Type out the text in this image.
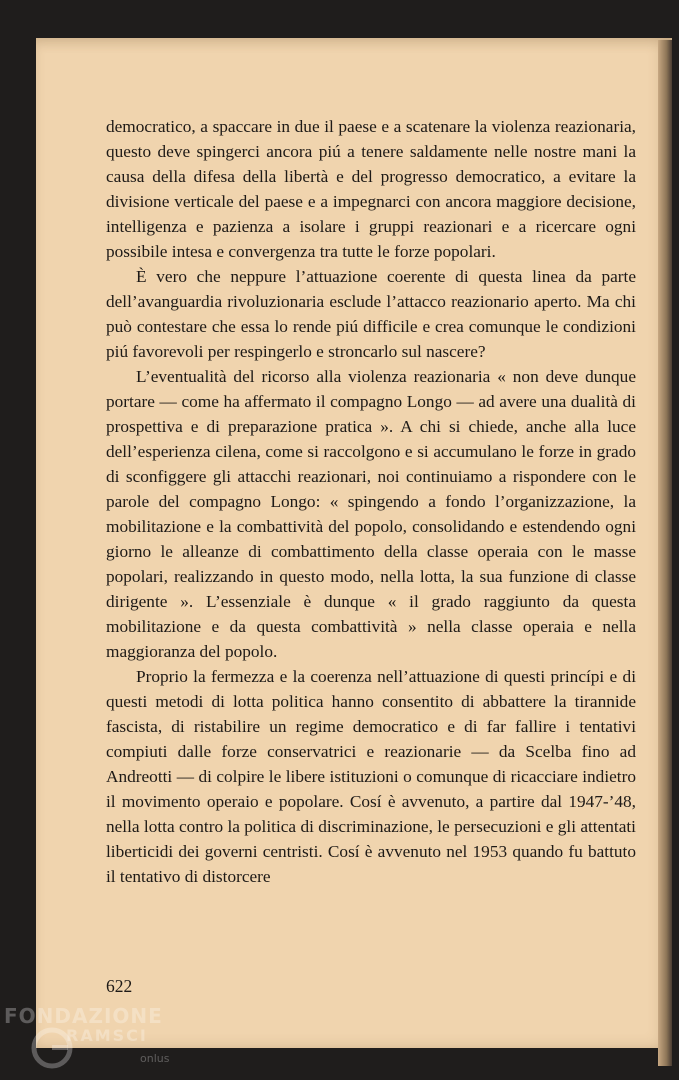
democratico, a spaccare in due il paese e a scatenare la violenza reazionaria, questo deve spingerci ancora piú a tenere saldamente nelle nostre mani la causa della difesa della libertà e del progresso democratico, a evitare la divisione verticale del paese e a impegnarci con ancora maggiore decisione, intelligenza e pazienza a isolare i gruppi reazionari e a ricercare ogni possibile intesa e convergenza tra tutte le forze popolari.

È vero che neppure l’attuazione coerente di questa linea da parte dell’avanguardia rivoluzionaria esclude l’attacco reazionario aperto. Ma chi può contestare che essa lo rende piú difficile e crea comunque le condizioni piú favorevoli per respingerlo e stroncarlo sul nascere?

L’eventualità del ricorso alla violenza reazionaria « non deve dunque portare — come ha affermato il compagno Longo — ad avere una dualità di prospettiva e di preparazione pratica ». A chi si chiede, anche alla luce dell’esperienza cilena, come si raccolgono e si accumulano le forze in grado di sconfiggere gli attacchi reazionari, noi continuiamo a rispondere con le parole del compagno Longo: « spingendo a fondo l’organizzazione, la mobilitazione e la combattività del popolo, consolidando e estendendo ogni giorno le alleanze di combattimento della classe operaia con le masse popolari, realizzando in questo modo, nella lotta, la sua funzione di classe dirigente ». L’essenziale è dunque « il grado raggiunto da questa mobilitazione e da questa combattività » nella classe operaia e nella maggioranza del popolo.

Proprio la fermezza e la coerenza nell’attuazione di questi princípi e di questi metodi di lotta politica hanno consentito di abbattere la tirannide fascista, di ristabilire un regime democratico e di far fallire i tentativi compiuti dalle forze conservatrici e reazionarie — da Scelba fino ad Andreotti — di colpire le libere istituzioni o comunque di ricacciare indietro il movimento operaio e popolare. Cosí è avvenuto, a partire dal 1947-’48, nella lotta contro la politica di discriminazione, le persecuzioni e gli attentati liberticidi dei governi centristi. Cosí è avvenuto nel 1953 quando fu battuto il tentativo di distorcere

622
FONDAZIONE
RAMSCI
onlus
